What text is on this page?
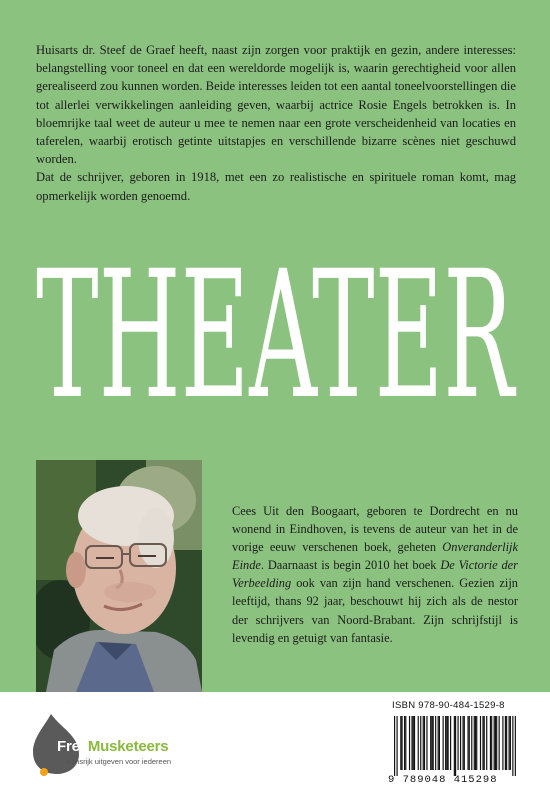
Huisarts dr. Steef de Graef heeft, naast zijn zorgen voor praktijk en gezin, andere interesses: belangstelling voor toneel en dat een wereldorde mogelijk is, waarin gerechtigheid voor allen gerealiseerd zou kunnen worden. Beide interesses leiden tot een aantal toneelvoorstellingen die tot allerlei verwikkelingen aanleiding geven, waarbij actrice Rosie Engels betrokken is. In bloemrijke taal weet de auteur u mee te nemen naar een grote verscheidenheid van locaties en taferelen, waarbij erotisch getinte uitstapjes en verschillende bizarre scènes niet geschuwd worden.

Dat de schrijver, geboren in 1918, met een zo realistische en spirituele roman komt, mag opmerkelijk worden genoemd.

THEATER

Cees Uit den Boogaart, geboren te Dordrecht en nu wonend in Eindhoven, is tevens de auteur van het in de vorige eeuw verschenen boek, geheten Onveranderlijk Einde. Daarnaast is begin 2010 het boek De Victorie der Verbeelding ook van zijn hand verschenen. Gezien zijn leeftijd, thans 92 jaar, beschouwt hij zich als de nestor der schrijvers van Noord-Brabant. Zijn schrijfstijl is levendig en getuigt van fantasie.

FreeMusketeers
Kansrijk uitgeven voor iedereen
ISBN 978-90-484-1529-8
9 789048 415298
